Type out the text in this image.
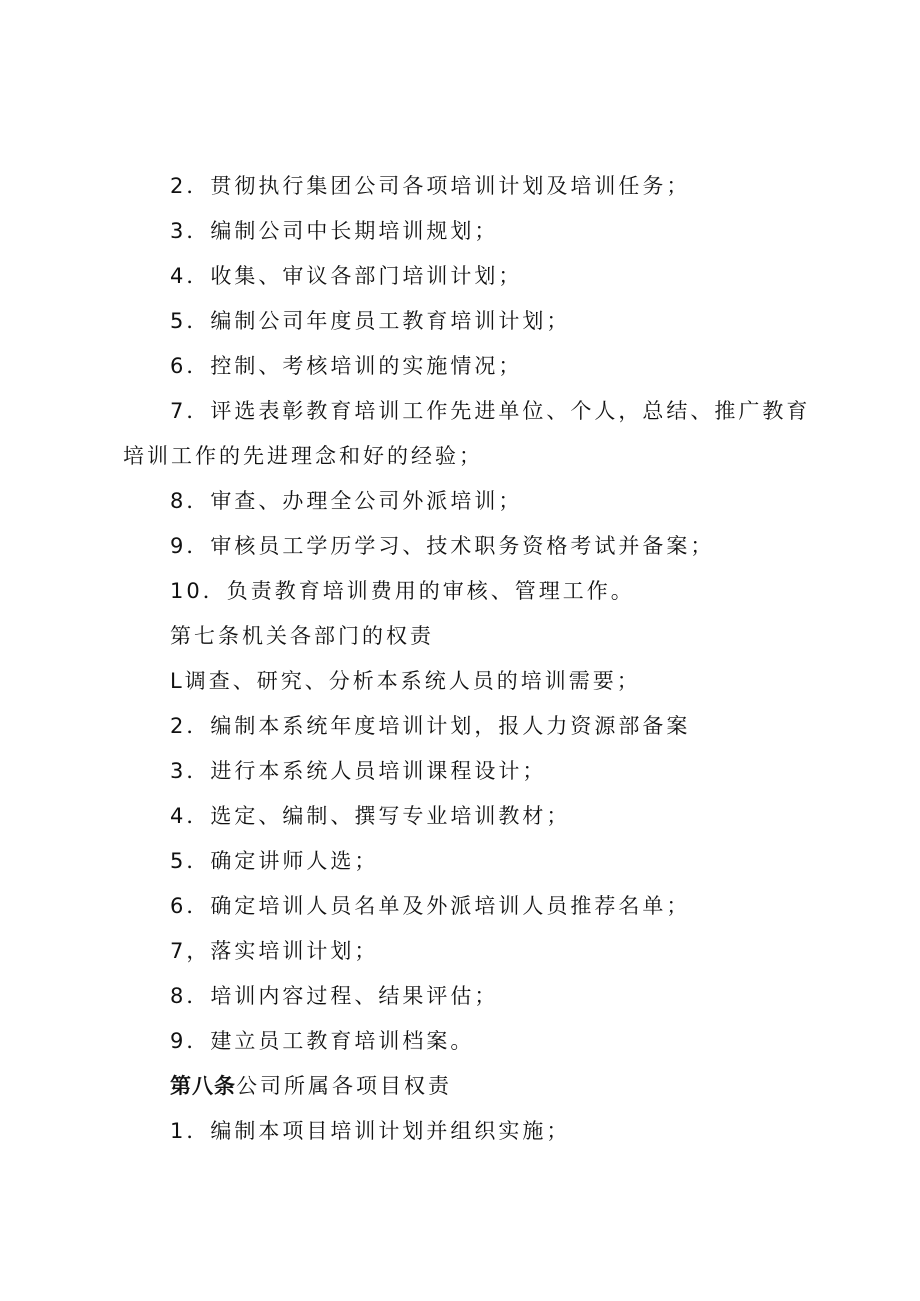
2．贯彻执行集团公司各项培训计划及培训任务；
3．编制公司中长期培训规划；
4．收集、审议各部门培训计划；
5．编制公司年度员工教育培训计划；
6．控制、考核培训的实施情况；
7．评选表彰教育培训工作先进单位、个人，总结、推广教育
培训工作的先进理念和好的经验；
8．审查、办理全公司外派培训；
9．审核员工学历学习、技术职务资格考试并备案；
10．负责教育培训费用的审核、管理工作。
第七条机关各部门的权责
L调查、研究、分析本系统人员的培训需要；
2．编制本系统年度培训计划，报人力资源部备案
3．进行本系统人员培训课程设计；
4．选定、编制、撰写专业培训教材；
5．确定讲师人选；
6．确定培训人员名单及外派培训人员推荐名单；
7，落实培训计划；
8．培训内容过程、结果评估；
9．建立员工教育培训档案。
第八条公司所属各项目权责
1．编制本项目培训计划并组织实施；
